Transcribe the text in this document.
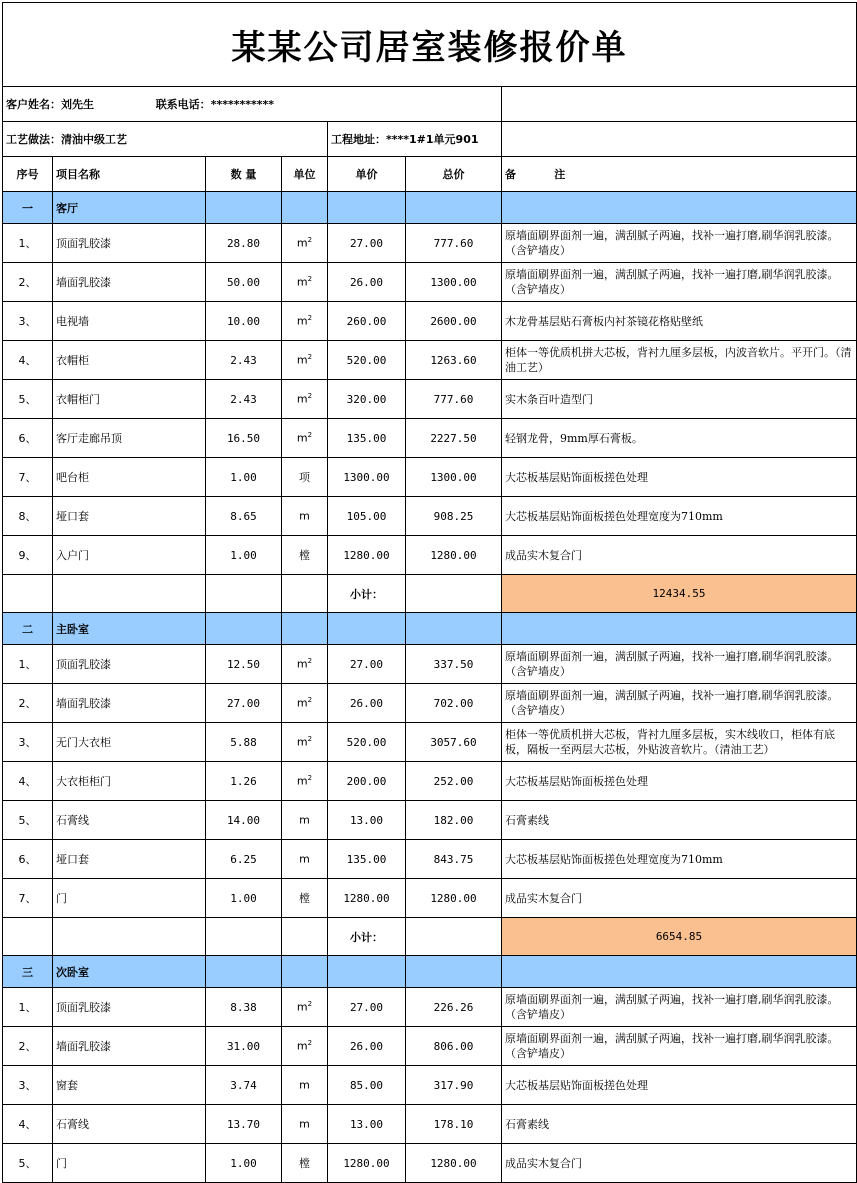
某某公司居室装修报价单						
客户姓名：刘先生 联系电话：***********						
工艺做法：清油中级工艺				工程地址：****1#1单元901		
序号	项目名称	数 量	单位	单价	总价	备          注
一	客厅					
1、	顶面乳胶漆	28.80	$m^2$	27.00	777.60	原墙面刷界面剂一遍，满刮腻子两遍，找补一遍打磨,刷华润乳胶漆。（含铲墙皮）
2、	墙面乳胶漆	50.00	$m^2$	26.00	1300.00	原墙面刷界面剂一遍，满刮腻子两遍，找补一遍打磨,刷华润乳胶漆。（含铲墙皮）
3、	电视墙	10.00	$m^2$	260.00	2600.00	木龙骨基层贴石膏板内衬茶镜花格贴壁纸
4、	衣帽柜	2.43	$m^2$	520.00	1263.60	柜体一等优质机拼大芯板，背衬九厘多层板，内波音软片。平开门。（清油工艺）
5、	衣帽柜门	2.43	$m^2$	320.00	777.60	实木条百叶造型门
6、	客厅走廊吊顶	16.50	$m^2$	135.00	2227.50	轻钢龙骨，9mm厚石膏板。
7、	吧台柜	1.00	项	1300.00	1300.00	大芯板基层贴饰面板搓色处理
8、	垭口套	8.65	m	105.00	908.25	大芯板基层贴饰面板搓色处理宽度为710mm
9、	入户门	1.00	樘	1280.00	1280.00	成品实木复合门
				小计：		12434.55
二	主卧室					
1、	顶面乳胶漆	12.50	$m^2$	27.00	337.50	原墙面刷界面剂一遍，满刮腻子两遍，找补一遍打磨,刷华润乳胶漆。（含铲墙皮）
2、	墙面乳胶漆	27.00	$m^2$	26.00	702.00	原墙面刷界面剂一遍，满刮腻子两遍，找补一遍打磨,刷华润乳胶漆。（含铲墙皮）
3、	无门大衣柜	5.88	$m^2$	520.00	3057.60	柜体一等优质机拼大芯板，背衬九厘多层板，实木线收口，柜体有底板，隔板一至两层大芯板，外贴波音软片。（清油工艺）
4、	大衣柜柜门	1.26	$m^2$	200.00	252.00	大芯板基层贴饰面板搓色处理
5、	石膏线	14.00	m	13.00	182.00	石膏素线
6、	垭口套	6.25	m	135.00	843.75	大芯板基层贴饰面板搓色处理宽度为710mm
7、	门	1.00	樘	1280.00	1280.00	成品实木复合门
				小计：		6654.85
三	次卧室					
1、	顶面乳胶漆	8.38	$m^2$	27.00	226.26	原墙面刷界面剂一遍，满刮腻子两遍，找补一遍打磨,刷华润乳胶漆。（含铲墙皮）
2、	墙面乳胶漆	31.00	$m^2$	26.00	806.00	原墙面刷界面剂一遍，满刮腻子两遍，找补一遍打磨,刷华润乳胶漆。（含铲墙皮）
3、	窗套	3.74	m	85.00	317.90	大芯板基层贴饰面板搓色处理
4、	石膏线	13.70	m	13.00	178.10	石膏素线
5、	门	1.00	樘	1280.00	1280.00	成品实木复合门
